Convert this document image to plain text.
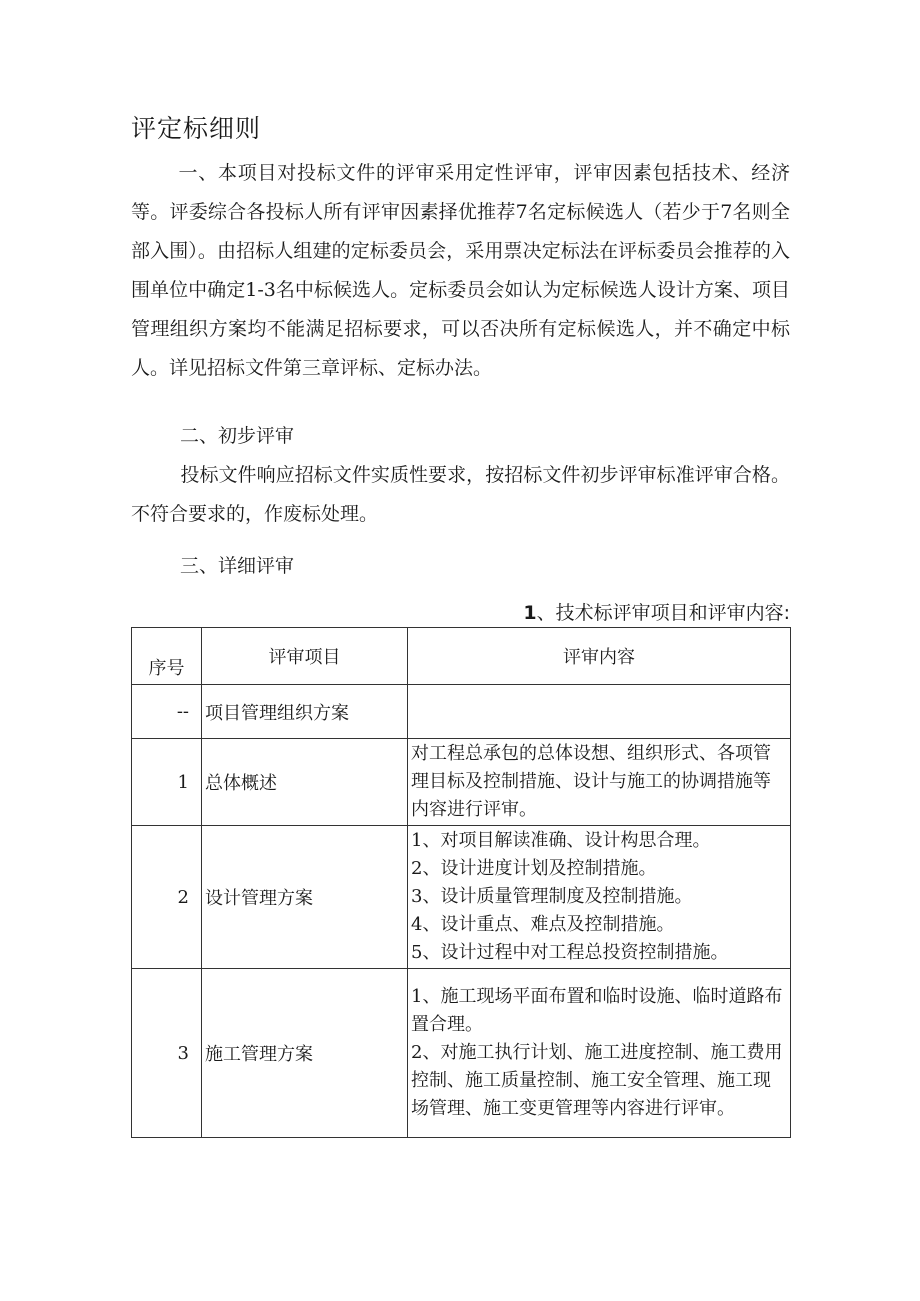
评定标细则

一、本项目对投标文件的评审采用定性评审，评审因素包括技术、经济等。评委综合各投标人所有评审因素择优推荐7名定标候选人（若少于7名则全部入围）。由招标人组建的定标委员会，采用票决定标法在评标委员会推荐的入围单位中确定1-3名中标候选人。定标委员会如认为定标候选人设计方案、项目管理组织方案均不能满足招标要求，可以否决所有定标候选人，并不确定中标人。详见招标文件第三章评标、定标办法。

二、初步评审

投标文件响应招标文件实质性要求，按招标文件初步评审标准评审合格。不符合要求的，作废标处理。

三、详细评审

1、技术标评审项目和评审内容:

序号	评审项目	评审内容
--	项目管理组织方案	

1	总体概述	对工程总承包的总体设想、组织形式、各项管理目标及控制措施、设计与施工的协调措施等内容进行评审。

2	设计管理方案	1、对项目解读准确、设计构思合理。
2、设计进度计划及控制措施。
3、设计质量管理制度及控制措施。
4、设计重点、难点及控制措施。
5、设计过程中对工程总投资控制措施。

3	施工管理方案	1、施工现场平面布置和临时设施、临时道路布置合理。
2、对施工执行计划、施工进度控制、施工费用控制、施工质量控制、施工安全管理、施工现场管理、施工变更管理等内容进行评审。
